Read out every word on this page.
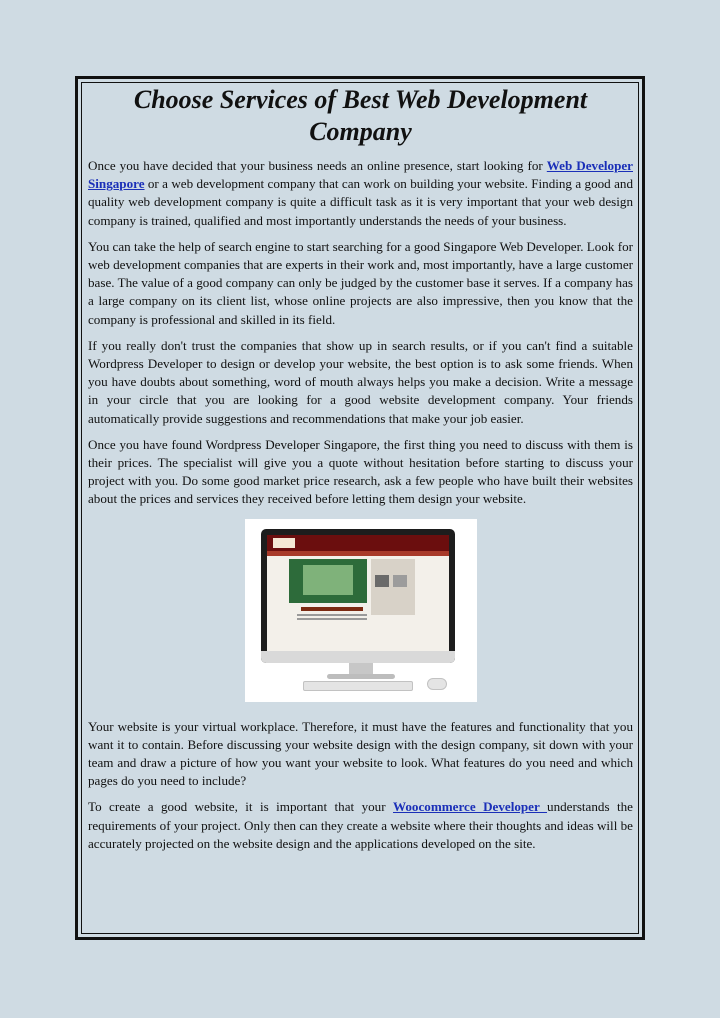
Choose Services of Best Web Development Company

Once you have decided that your business needs an online presence, start looking for Web Developer Singapore or a web development company that can work on building your website. Finding a good and quality web development company is quite a difficult task as it is very important that your web design company is trained, qualified and most importantly understands the needs of your business.

You can take the help of search engine to start searching for a good Singapore Web Developer. Look for web development companies that are experts in their work and, most importantly, have a large customer base. The value of a good company can only be judged by the customer base it serves. If a company has a large company on its client list, whose online projects are also impressive, then you know that the company is professional and skilled in its field.

If you really don't trust the companies that show up in search results, or if you can't find a suitable Wordpress Developer to design or develop your website, the best option is to ask some friends. When you have doubts about something, word of mouth always helps you make a decision. Write a message in your circle that you are looking for a good website development company. Your friends automatically provide suggestions and recommendations that make your job easier.

Once you have found Wordpress Developer Singapore, the first thing you need to discuss with them is their prices. The specialist will give you a quote without hesitation before starting to discuss your project with you. Do some good market price research, ask a few people who have built their websites about the prices and services they received before letting them design your website.

Your website is your virtual workplace. Therefore, it must have the features and functionality that you want it to contain. Before discussing your website design with the design company, sit down with your team and draw a picture of how you want your website to look. What features do you need and which pages do you need to include?

To create a good website, it is important that your Woocommerce Developer understands the requirements of your project. Only then can they create a website where their thoughts and ideas will be accurately projected on the website design and the applications developed on the site.
